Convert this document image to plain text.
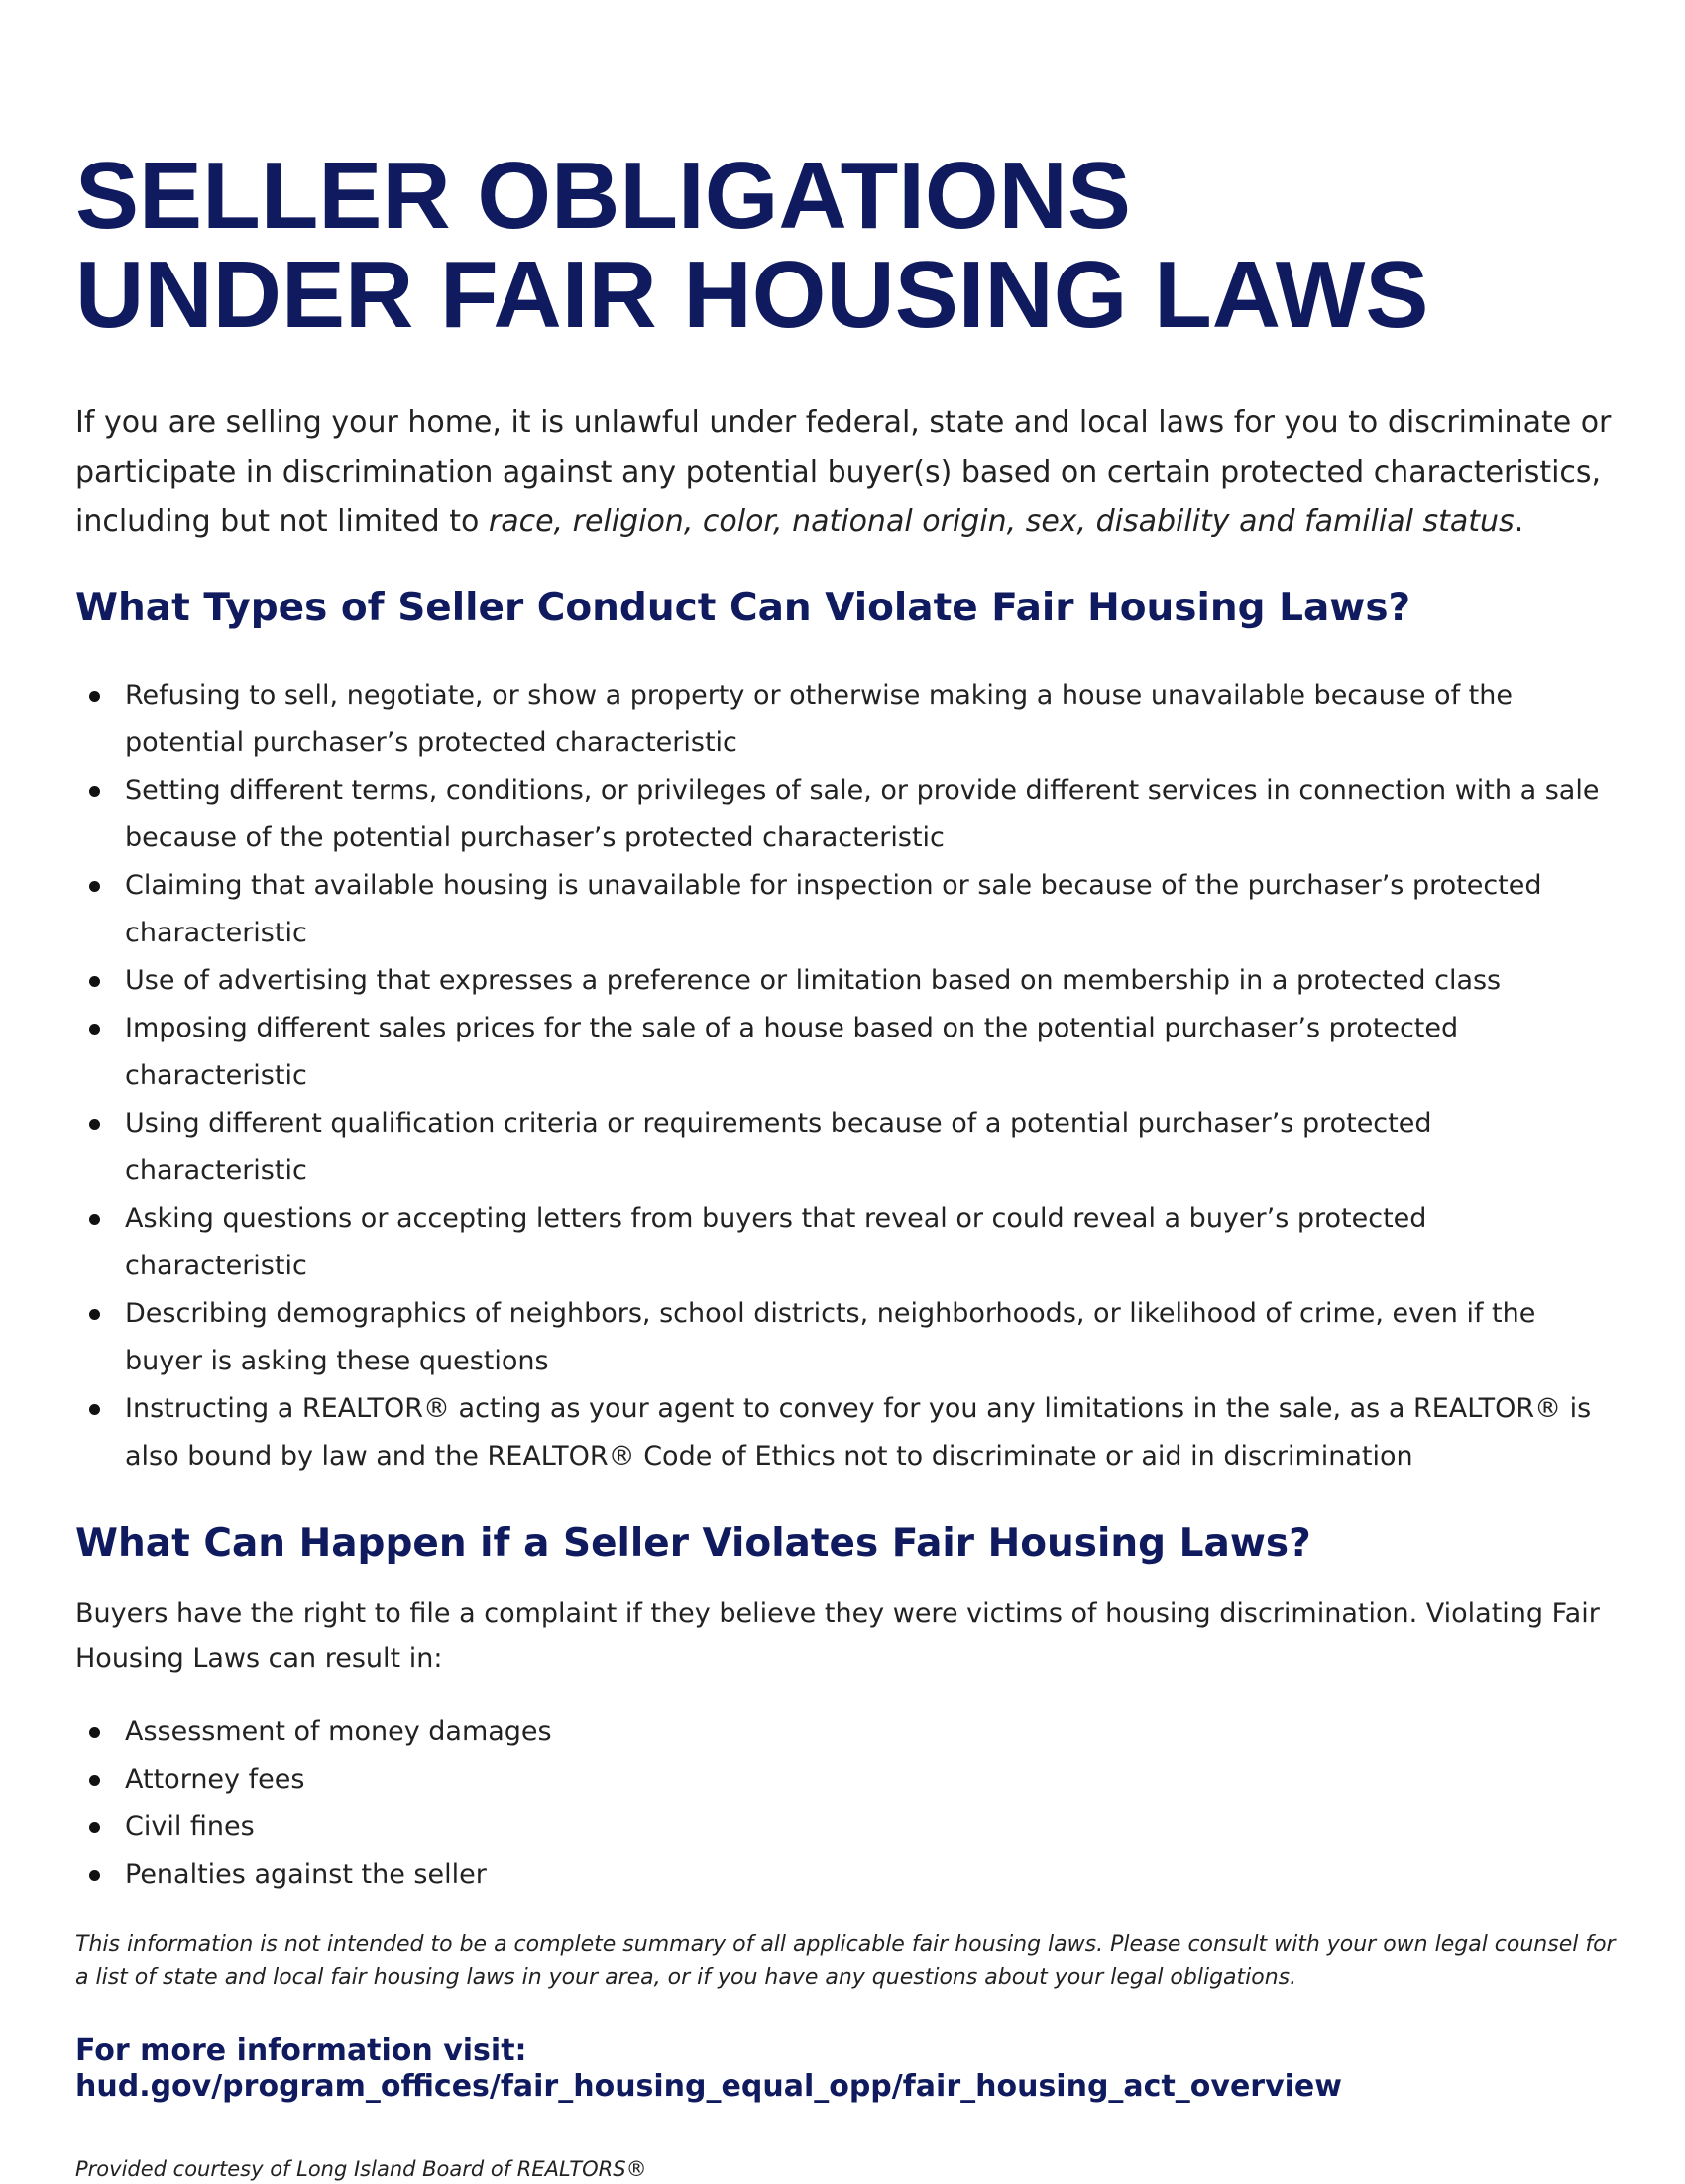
SELLER OBLIGATIONS
UNDER FAIR HOUSING LAWS

If you are selling your home, it is unlawful under federal, state and local laws for you to discriminate or participate in discrimination against any potential buyer(s) based on certain protected characteristics, including but not limited to race, religion, color, national origin, sex, disability and familial status.

What Types of Seller Conduct Can Violate Fair Housing Laws?
Refusing to sell, negotiate, or show a property or otherwise making a house unavailable because of the potential purchaser’s protected characteristic
Setting different terms, conditions, or privileges of sale, or provide different services in connection with a sale because of the potential purchaser’s protected characteristic
Claiming that available housing is unavailable for inspection or sale because of the purchaser’s protected characteristic
Use of advertising that expresses a preference or limitation based on membership in a protected class
Imposing different sales prices for the sale of a house based on the potential purchaser’s protected characteristic
Using different qualification criteria or requirements because of a potential purchaser’s protected characteristic
Asking questions or accepting letters from buyers that reveal or could reveal a buyer’s protected characteristic
Describing demographics of neighbors, school districts, neighborhoods, or likelihood of crime, even if the buyer is asking these questions
Instructing a REALTOR® acting as your agent to convey for you any limitations in the sale, as a REALTOR® is also bound by law and the REALTOR® Code of Ethics not to discriminate or aid in discrimination
What Can Happen if a Seller Violates Fair Housing Laws?

Buyers have the right to file a complaint if they believe they were victims of housing discrimination. Violating Fair Housing Laws can result in:

Assessment of money damages
Attorney fees
Civil fines
Penalties against the seller

This information is not intended to be a complete summary of all applicable fair housing laws. Please consult with your own legal counsel for a list of state and local fair housing laws in your area, or if you have any questions about your legal obligations.

For more information visit:
hud.gov/program_offices/fair_housing_equal_opp/fair_housing_act_overview

Provided courtesy of Long Island Board of REALTORS®
